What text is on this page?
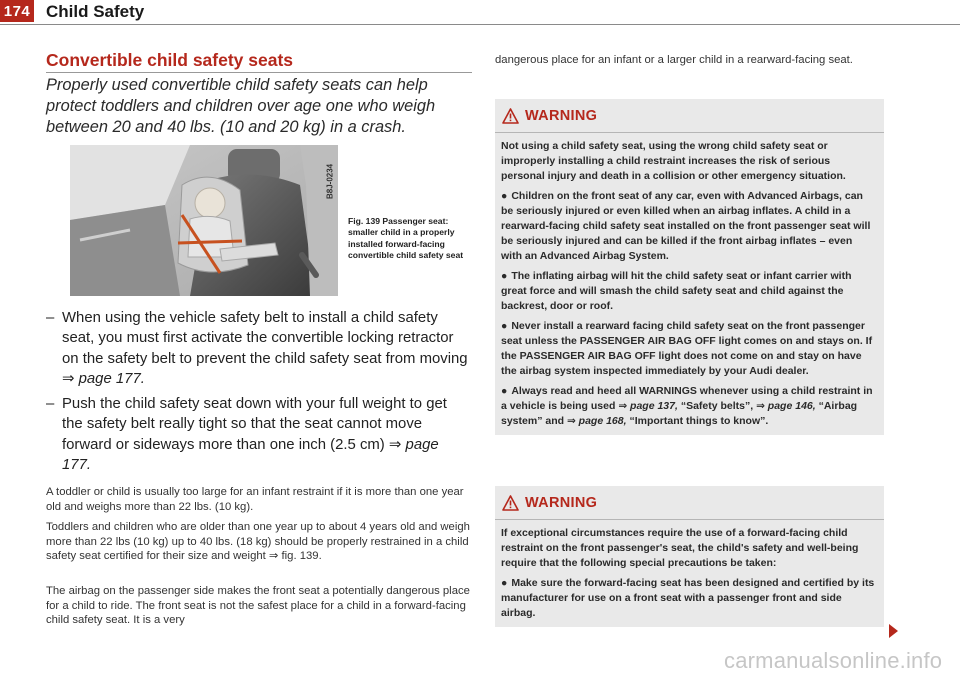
174 Child Safety
Convertible child safety seats
Properly used convertible child safety seats can help protect toddlers and children over age one who weigh between 20 and 40 lbs. (10 and 20 kg) in a crash.
B8J-0234
Fig. 139 Passenger seat: smaller child in a properly installed forward-facing convertible child safety seat
– When using the vehicle safety belt to install a child safety seat, you must first activate the convertible locking retractor on the safety belt to prevent the child safety seat from moving ⇒ page 177.
– Push the child safety seat down with your full weight to get the safety belt really tight so that the seat cannot move forward or sideways more than one inch (2.5 cm) ⇒ page 177.
A toddler or child is usually too large for an infant restraint if it is more than one year old and weighs more than 22 lbs. (10 kg).
Toddlers and children who are older than one year up to about 4 years old and weigh more than 22 lbs (10 kg) up to 40 lbs. (18 kg) should be properly restrained in a child safety seat certified for their size and weight ⇒ fig. 139.
The airbag on the passenger side makes the front seat a potentially dangerous place for a child to ride. The front seat is not the safest place for a child in a forward-facing child safety seat. It is a very
dangerous place for an infant or a larger child in a rearward-facing seat.
WARNING

Not using a child safety seat, using the wrong child safety seat or improperly installing a child restraint increases the risk of serious personal injury and death in a collision or other emergency situation.

● Children on the front seat of any car, even with Advanced Airbags, can be seriously injured or even killed when an airbag inflates. A child in a rearward-facing child safety seat installed on the front passenger seat will be seriously injured and can be killed if the front airbag inflates – even with an Advanced Airbag System.

● The inflating airbag will hit the child safety seat or infant carrier with great force and will smash the child safety seat and child against the backrest, door or roof.

● Never install a rearward facing child safety seat on the front passenger seat unless the PASSENGER AIR BAG OFF light comes on and stays on. If the PASSENGER AIR BAG OFF light does not come on and stay on have the airbag system inspected immediately by your Audi dealer.

● Always read and heed all WARNINGS whenever using a child restraint in a vehicle is being used ⇒ page 137, “Safety belts”, ⇒ page 146, “Airbag system” and ⇒ page 168, “Important things to know”.

WARNING

If exceptional circumstances require the use of a forward-facing child restraint on the front passenger's seat, the child's safety and well-being require that the following special precautions be taken:

● Make sure the forward-facing seat has been designed and certified by its manufacturer for use on a front seat with a passenger front and side airbag.

carmanualsonline.info
